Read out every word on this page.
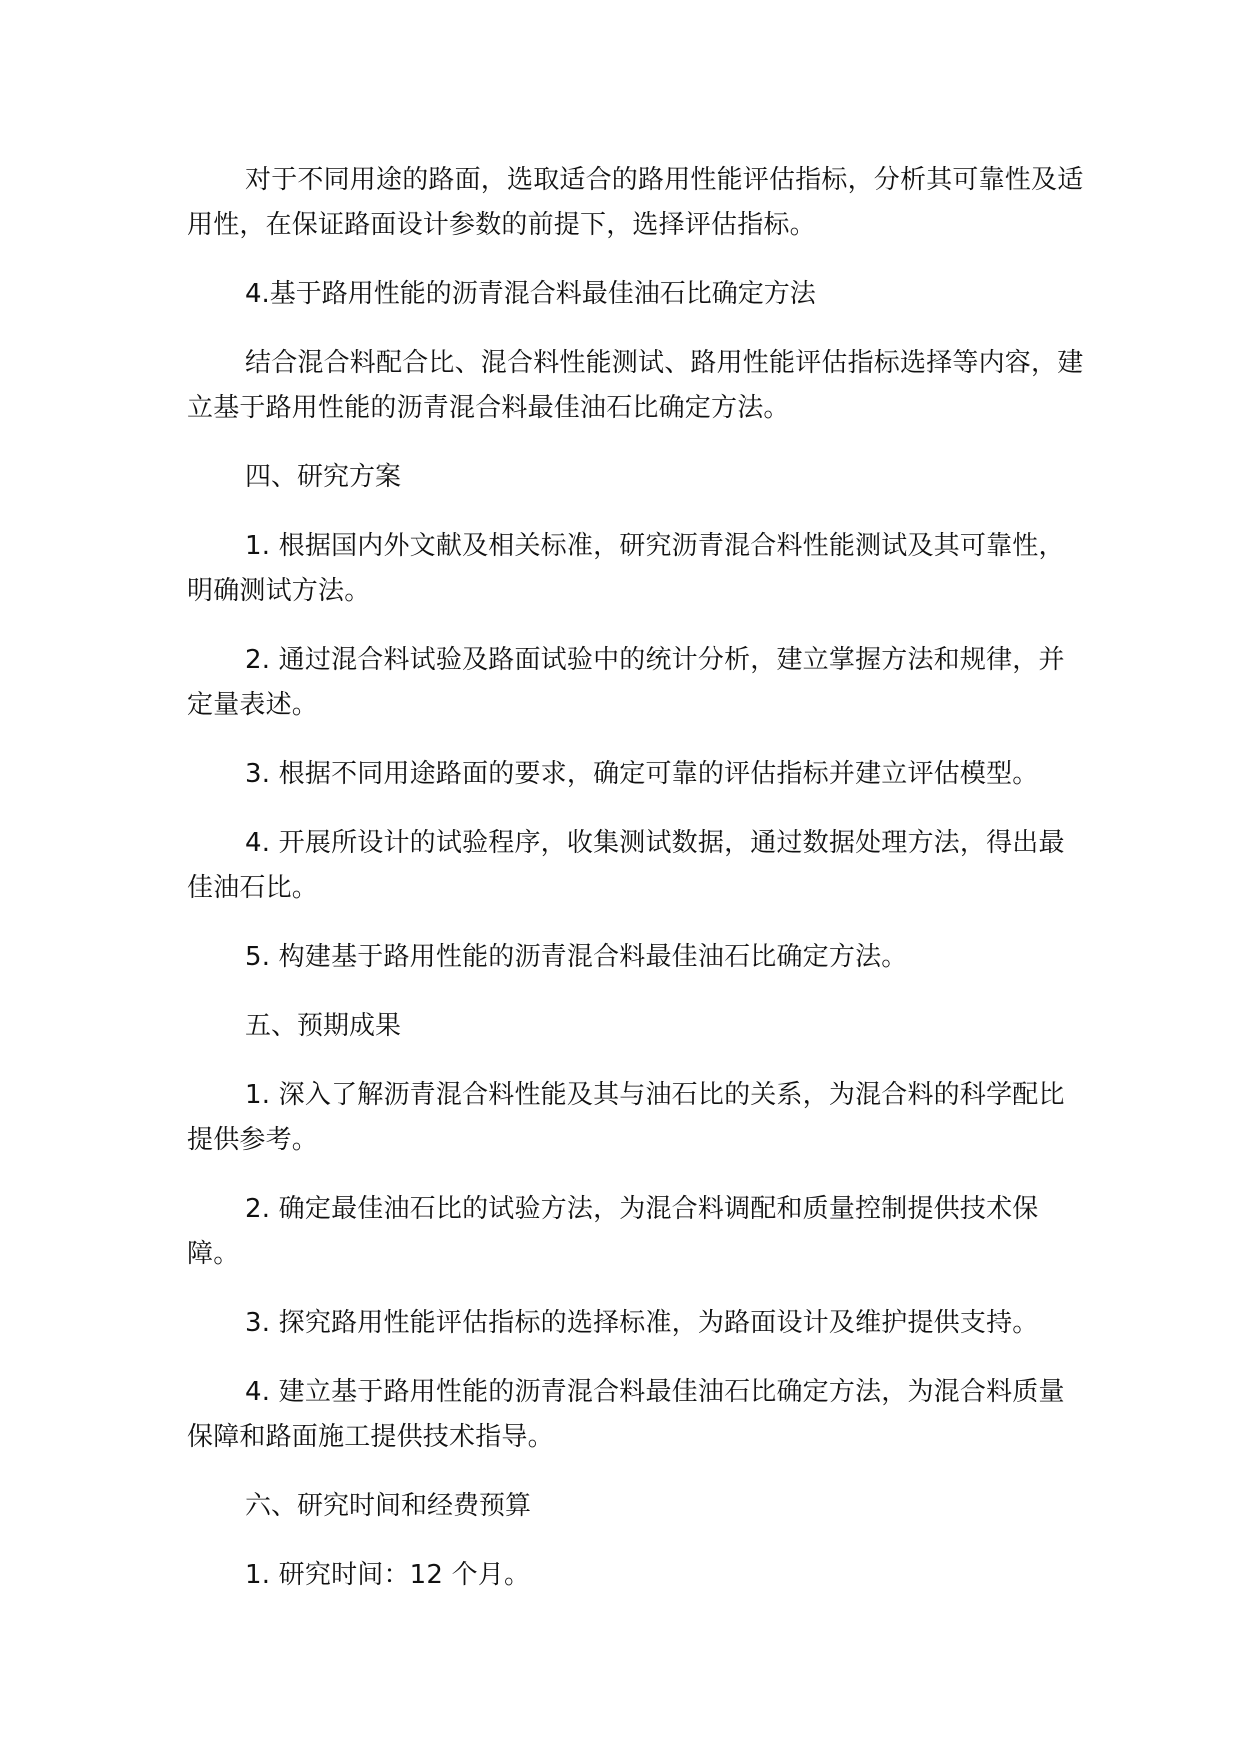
对于不同用途的路面，选取适合的路用性能评估指标，分析其可靠性及适用性，在保证路面设计参数的前提下，选择评估指标。

4.基于路用性能的沥青混合料最佳油石比确定方法

结合混合料配合比、混合料性能测试、路用性能评估指标选择等内容，建立基于路用性能的沥青混合料最佳油石比确定方法。

四、研究方案

1. 根据国内外文献及相关标准，研究沥青混合料性能测试及其可靠性，明确测试方法。

2. 通过混合料试验及路面试验中的统计分析，建立掌握方法和规律，并定量表述。

3. 根据不同用途路面的要求，确定可靠的评估指标并建立评估模型。

4. 开展所设计的试验程序，收集测试数据，通过数据处理方法，得出最佳油石比。

5. 构建基于路用性能的沥青混合料最佳油石比确定方法。

五、预期成果

1. 深入了解沥青混合料性能及其与油石比的关系，为混合料的科学配比提供参考。

2. 确定最佳油石比的试验方法，为混合料调配和质量控制提供技术保障。

3. 探究路用性能评估指标的选择标准，为路面设计及维护提供支持。

4. 建立基于路用性能的沥青混合料最佳油石比确定方法，为混合料质量保障和路面施工提供技术指导。

六、研究时间和经费预算

1. 研究时间：12 个月。
